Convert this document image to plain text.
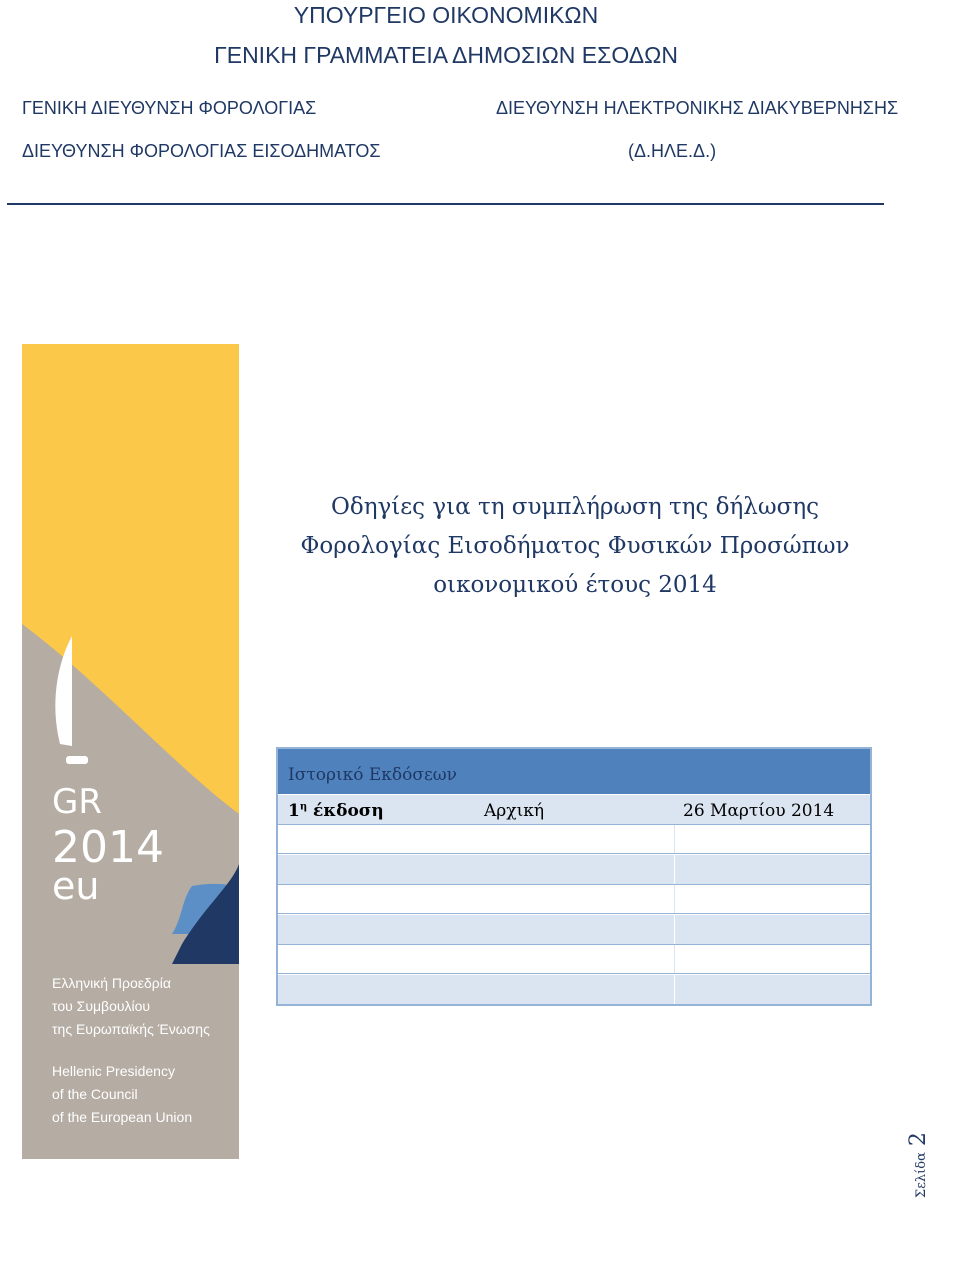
ΥΠΟΥΡΓΕΙΟ ΟΙΚΟΝΟΜΙΚΩΝ
ΓΕΝΙΚΗ ΓΡΑΜΜΑΤΕΙΑ ΔΗΜΟΣΙΩΝ ΕΣΟΔΩΝ
ΓΕΝΙΚΗ ΔΙΕΥΘΥΝΣΗ ΦΟΡΟΛΟΓΙΑΣ
ΔΙΕΥΘΥΝΣΗ ΦΟΡΟΛΟΓΙΑΣ ΕΙΣΟΔΗΜΑΤΟΣ
ΔΙΕΥΘΥΝΣΗ ΗΛΕΚΤΡΟΝΙΚΗΣ ΔΙΑΚΥΒΕΡΝΗΣΗΣ
(Δ.ΗΛΕ.Δ.)
GR
2014
eu
Ελληνική Προεδρία
του Συμβουλίου
της Ευρωπαϊκής Ένωσης
Hellenic Presidency
of the Council
of the European Union
Οδηγίες για τη συμπλήρωση της δήλωσης
Φορολογίας Εισοδήματος Φυσικών Προσώπων
οικονομικού έτους 2014
Ιστορικό Εκδόσεων
$1^\eta$ έκδοση	Αρχική	26 Μαρτίου 2014
Σελίδα
2
